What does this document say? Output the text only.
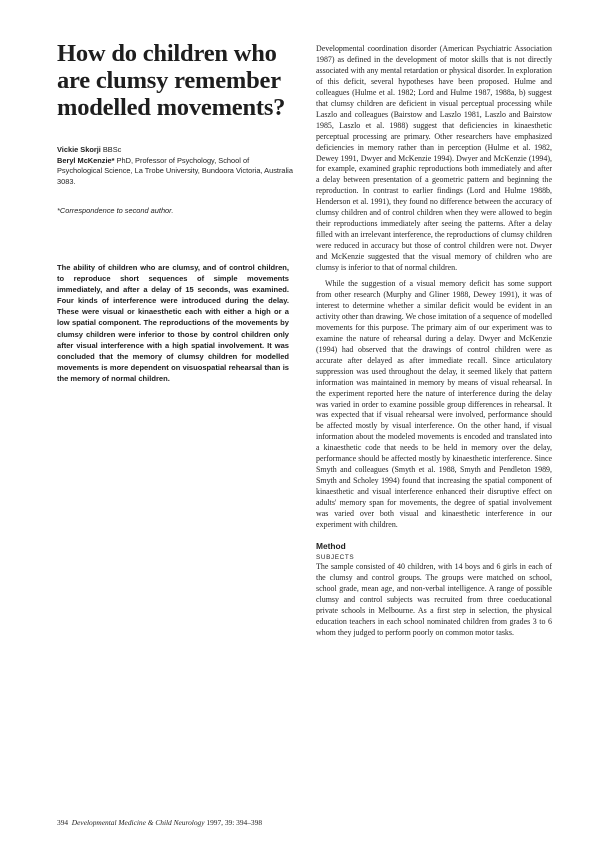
How do children who are clumsy remember modelled movements?

Vickie Skorji BBSc

Beryl McKenzie* PhD, Professor of Psychology, School of Psychological Science, La Trobe University, Bundoora Victoria, Australia 3083.

*Correspondence to second author.

The ability of children who are clumsy, and of control children, to reproduce short sequences of simple movements immediately, and after a delay of 15 seconds, was examined. Four kinds of interference were introduced during the delay. These were visual or kinaesthetic each with either a high or a low spatial component. The reproductions of the movements by clumsy children were inferior to those by control children only after visual interference with a high spatial involvement. It was concluded that the memory of clumsy children for modelled movements is more dependent on visuospatial rehearsal than is the memory of normal children.

Developmental coordination disorder (American Psychiatric Association 1987) as defined in the development of motor skills that is not directly associated with any mental retardation or physical disorder. In exploration of this deficit, several hypotheses have been proposed. Hulme and colleagues (Hulme et al. 1982; Lord and Hulme 1987, 1988a, b) suggest that clumsy children are deficient in visual perceptual processing while Laszlo and colleagues (Bairstow and Laszlo 1981, Laszlo and Bairstow 1985, Laszlo et al. 1988) suggest that deficiencies in kinaesthetic perceptual processing are primary. Other researchers have emphasized deficiencies in memory rather than in perception (Hulme et al. 1982, Dewey 1991, Dwyer and McKenzie 1994). Dwyer and McKenzie (1994), for example, examined graphic reproductions both immediately and after a delay between presentation of a geometric pattern and beginning the reproduction. In contrast to earlier findings (Lord and Hulme 1988b, Henderson et al. 1991), they found no difference between the accuracy of clumsy children and of control children when they were allowed to begin their reproductions immediately after seeing the patterns. After a delay filled with an irrelevant interference, the reproductions of clumsy children were reduced in accuracy but those of control children were not. Dwyer and McKenzie suggested that the visual memory of children who are clumsy is inferior to that of normal children.

While the suggestion of a visual memory deficit has some support from other research (Murphy and Gliner 1988, Dewey 1991), it was of interest to determine whether a similar deficit would be evident in an activity other than drawing. We chose imitation of a sequence of modelled movements for this purpose. The primary aim of our experiment was to examine the nature of rehearsal during a delay. Dwyer and McKenzie (1994) had observed that the drawings of control children were as accurate after delayed as after immediate recall. Since articulatory suppression was used throughout the delay, it seemed likely that pattern information was maintained in memory by means of visual rehearsal. In the experiment reported here the nature of interference during the delay was varied in order to examine possible group differences in rehearsal. It was expected that if visual rehearsal were involved, performance should be affected mostly by visual interference. On the other hand, if visual information about the modeled movements is encoded and translated into a kinaesthetic code that needs to be held in memory over the delay, performance should be affected mostly by kinaesthetic interference. Since Smyth and colleagues (Smyth et al. 1988, Smyth and Pendleton 1989, Smyth and Scholey 1994) found that increasing the spatial component of kinaesthetic and visual interference enhanced their disruptive effect on adults' memory span for movements, the degree of spatial involvement was varied over both visual and kinaesthetic interference in our experiment with children.

Method
SUBJECTS

The sample consisted of 40 children, with 14 boys and 6 girls in each of the clumsy and control groups. The groups were matched on school, school grade, mean age, and non-verbal intelligence. A range of possible clumsy and control subjects was recruited from three coeducational private schools in Melbourne. As a first step in selection, the physical education teachers in each school nominated children from grades 3 to 6 whom they judged to perform poorly on common motor tasks.

394 Developmental Medicine & Child Neurology 1997, 39: 394–398
